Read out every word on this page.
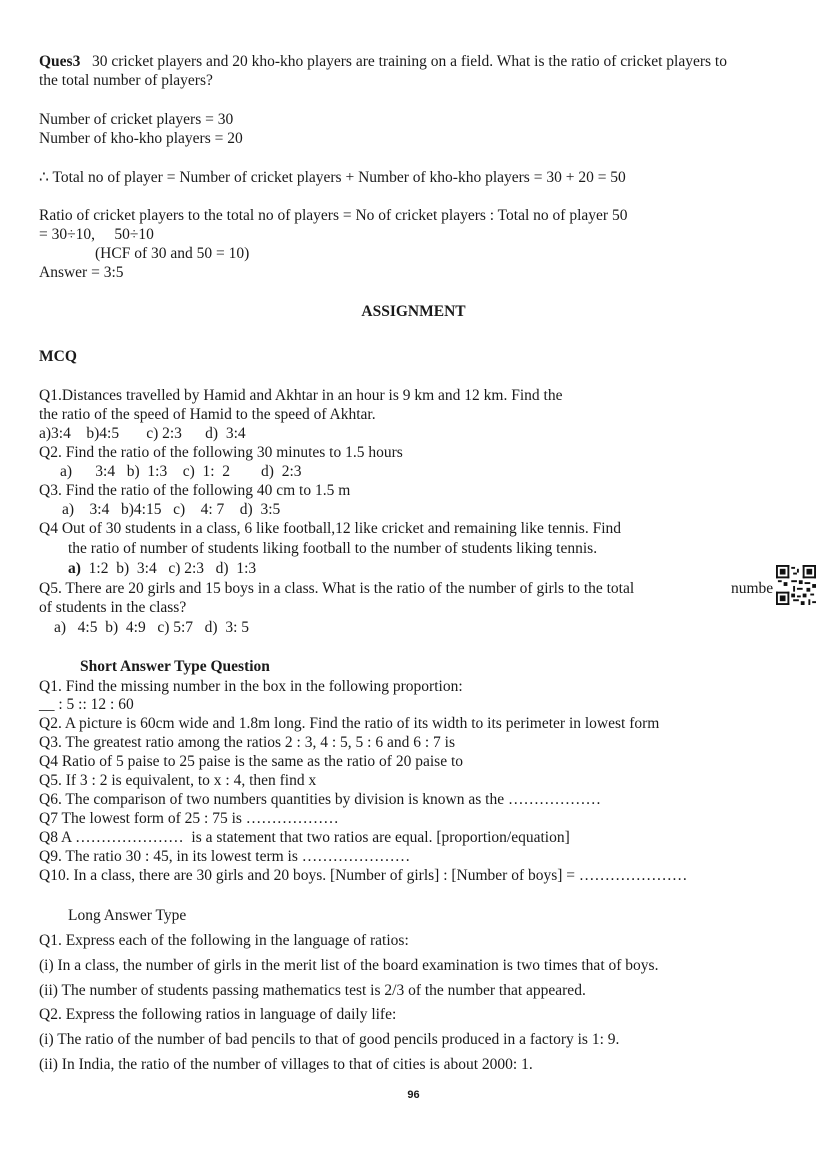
Ques3 30 cricket players and 20 kho-kho players are training on a field. What is the ratio of cricket players to
the total number of players?
Number of cricket players = 30
Number of kho-kho players = 20
∴ Total no of player = Number of cricket players + Number of kho-kho players = 30 + 20 = 50
Ratio of cricket players to the total no of players = No of cricket players : Total no of player 50
= 30÷10,     50÷10
(HCF of 30 and 50 = 10)
Answer = 3:5
ASSIGNMENT
MCQ
Q1.Distances travelled by Hamid and Akhtar in an hour is 9 km and 12 km. Find the
the ratio of the speed of Hamid to the speed of Akhtar.
a)3:4    b)4:5       c) 2:3      d)  3:4
Q2. Find the ratio of the following 30 minutes to 1.5 hours
a)      3:4   b)  1:3    c)  1:  2        d)  2:3
Q3. Find the ratio of the following 40 cm to 1.5 m
a)    3:4   b)4:15   c)    4: 7    d)  3:5
Q4 Out of 30 students in a class, 6 like football,12 like cricket and remaining like tennis. Find
the ratio of number of students liking football to the number of students liking tennis.
a) 1:2  b)  3:4   c) 2:3   d)  1:3
Q5. There are 20 girls and 15 boys in a class. What is the ratio of the number of girls to the total	numbe
of students in the class?
a)   4:5  b)  4:9   c) 5:7   d)  3: 5
Short Answer Type Question
Q1. Find the missing number in the box in the following proportion:
__ : 5 :: 12 : 60
Q2. A picture is 60cm wide and 1.8m long. Find the ratio of its width to its perimeter in lowest form
Q3. The greatest ratio among the ratios 2 : 3, 4 : 5, 5 : 6 and 6 : 7 is
Q4 Ratio of 5 paise to 25 paise is the same as the ratio of 20 paise to
Q5. If 3 : 2 is equivalent, to x : 4, then find x
Q6. The comparison of two numbers quantities by division is known as the ………………
Q7 The lowest form of 25 : 75 is ………………
Q8 A …………………  is a statement that two ratios are equal. [proportion/equation]
Q9. The ratio 30 : 45, in its lowest term is …………………
Q10. In a class, there are 30 girls and 20 boys. [Number of girls] : [Number of boys] = …………………
Long Answer Type
Q1. Express each of the following in the language of ratios:
(i) In a class, the number of girls in the merit list of the board examination is two times that of boys.
(ii) The number of students passing mathematics test is 2/3 of the number that appeared.
Q2. Express the following ratios in language of daily life:
(i) The ratio of the number of bad pencils to that of good pencils produced in a factory is 1: 9.
(ii) In India, the ratio of the number of villages to that of cities is about 2000: 1.
96
